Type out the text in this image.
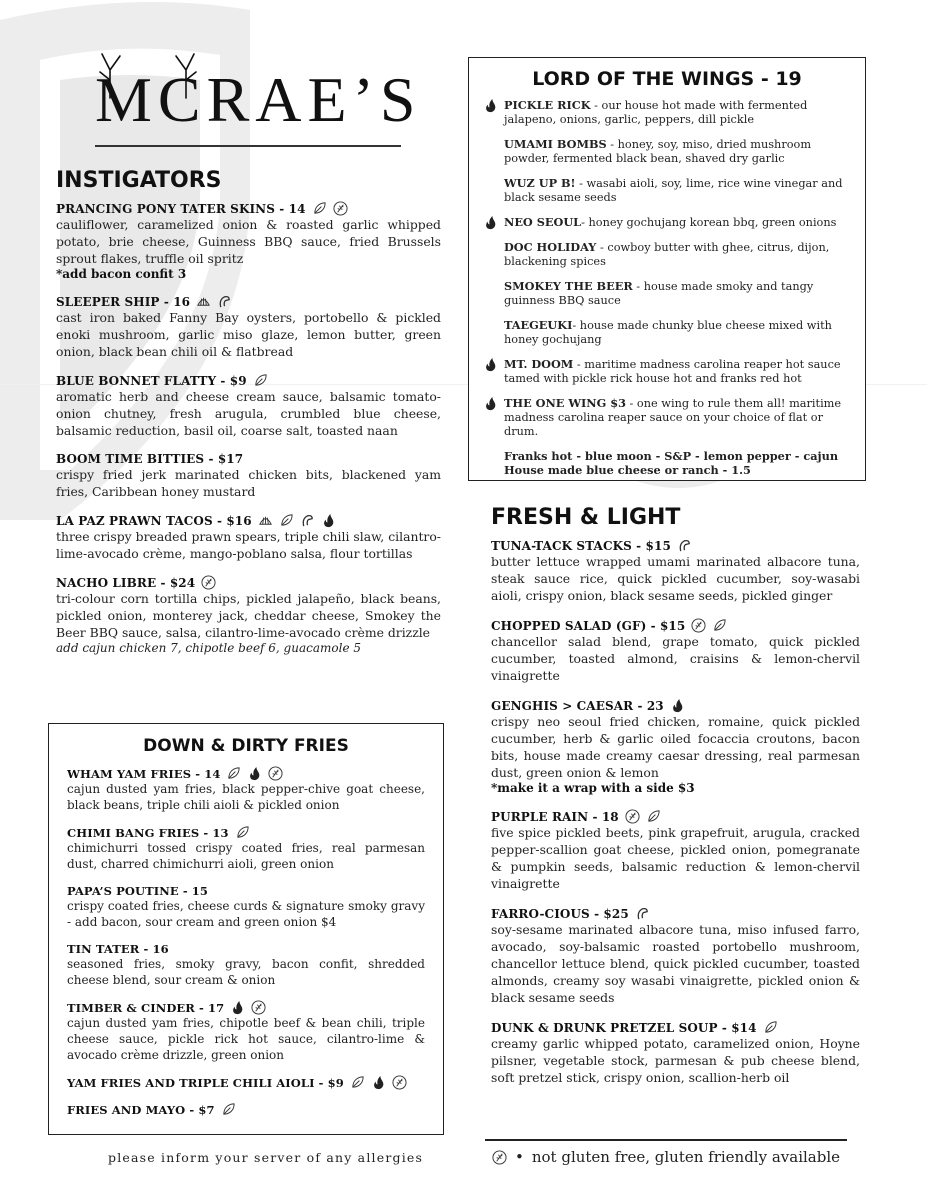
MCRAE’S
INSTIGATORS
PRANCING PONY TATER SKINS - 14
cauliflower, caramelized onion & roasted garlic whipped potato, brie cheese, Guinness BBQ sauce, fried Brussels sprout flakes, truffle oil spritz
*add bacon confit 3
SLEEPER SHIP - 16
cast iron baked Fanny Bay oysters, portobello & pickled enoki mushroom, garlic miso glaze, lemon butter, green onion, black bean chili oil & flatbread
BLUE BONNET FLATTY - $9
aromatic herb and cheese cream sauce, balsamic tomato-onion chutney, fresh arugula, crumbled blue cheese, balsamic reduction, basil oil, coarse salt, toasted naan
BOOM TIME BITTIES - $17
crispy fried jerk marinated chicken bits, blackened yam fries, Caribbean honey mustard
LA PAZ PRAWN TACOS - $16
three crispy breaded prawn spears, triple chili slaw, cilantro-lime-avocado crème, mango-poblano salsa, flour tortillas
NACHO LIBRE - $24
tri-colour corn tortilla chips, pickled jalapeño, black beans, pickled onion, monterey jack, cheddar cheese, Smokey the Beer BBQ sauce, salsa, cilantro-lime-avocado crème drizzle
add cajun chicken 7, chipotle beef 6, guacamole 5
DOWN & DIRTY FRIES
WHAM YAM FRIES - 14
cajun dusted yam fries, black pepper-chive goat cheese, black beans, triple chili aioli & pickled onion
CHIMI BANG FRIES - 13
chimichurri tossed crispy coated fries, real parmesan dust, charred chimichurri aioli, green onion
PAPA’S POUTINE - 15
crispy coated fries, cheese curds & signature smoky gravy - add bacon, sour cream and green onion $4
TIN TATER - 16
seasoned fries, smoky gravy, bacon confit, shredded cheese blend, sour cream & onion
TIMBER & CINDER - 17
cajun dusted yam fries, chipotle beef & bean chili, triple cheese sauce, pickle rick hot sauce, cilantro-lime & avocado crème drizzle, green onion
YAM FRIES AND TRIPLE CHILI AIOLI - $9
FRIES AND MAYO - $7
LORD OF THE WINGS - 19
PICKLE RICK - our house hot made with fermented jalapeno, onions, garlic, peppers, dill pickle
UMAMI BOMBS - honey, soy, miso, dried mushroom powder, fermented black bean, shaved dry garlic
WUZ UP B! - wasabi aioli, soy, lime, rice wine vinegar and black sesame seeds
NEO SEOUL- honey gochujang korean bbq, green onions
DOC HOLIDAY - cowboy butter with ghee, citrus, dijon, blackening spices
SMOKEY THE BEER - house made smoky and tangy guinness BBQ sauce
TAEGEUKI- house made chunky blue cheese mixed with honey gochujang
MT. DOOM - maritime madness carolina reaper hot sauce tamed with pickle rick house hot and franks red hot
THE ONE WING $3 - one wing to rule them all! maritime madness carolina reaper sauce on your choice of flat or drum.
Franks hot - blue moon - S&P - lemon pepper - cajun
House made blue cheese or ranch - 1.5
FRESH & LIGHT
TUNA-TACK STACKS - $15
butter lettuce wrapped umami marinated albacore tuna, steak sauce rice, quick pickled cucumber, soy-wasabi aioli, crispy onion, black sesame seeds, pickled ginger
CHOPPED SALAD (GF) - $15
chancellor salad blend, grape tomato, quick pickled cucumber, toasted almond, craisins & lemon-chervil vinaigrette
GENGHIS > CAESAR - 23
crispy neo seoul fried chicken, romaine, quick pickled cucumber, herb & garlic oiled focaccia croutons, bacon bits, house made creamy caesar dressing, real parmesan dust, green onion & lemon
*make it a wrap with a side $3
PURPLE RAIN - 18
five spice pickled beets, pink grapefruit, arugula, cracked pepper-scallion goat cheese, pickled onion, pomegranate & pumpkin seeds, balsamic reduction & lemon-chervil vinaigrette
FARRO-CIOUS - $25
soy-sesame marinated albacore tuna, miso infused farro, avocado, soy-balsamic roasted portobello mushroom, chancellor lettuce blend, quick pickled cucumber, toasted almonds, creamy soy wasabi vinaigrette, pickled onion & black sesame seeds
DUNK & DRUNK PRETZEL SOUP - $14
creamy garlic whipped potato, caramelized onion, Hoyne pilsner, vegetable stock, parmesan & pub cheese blend, soft pretzel stick, crispy onion, scallion-herb oil
please inform your server of any allergies	• not gluten free, gluten friendly available
